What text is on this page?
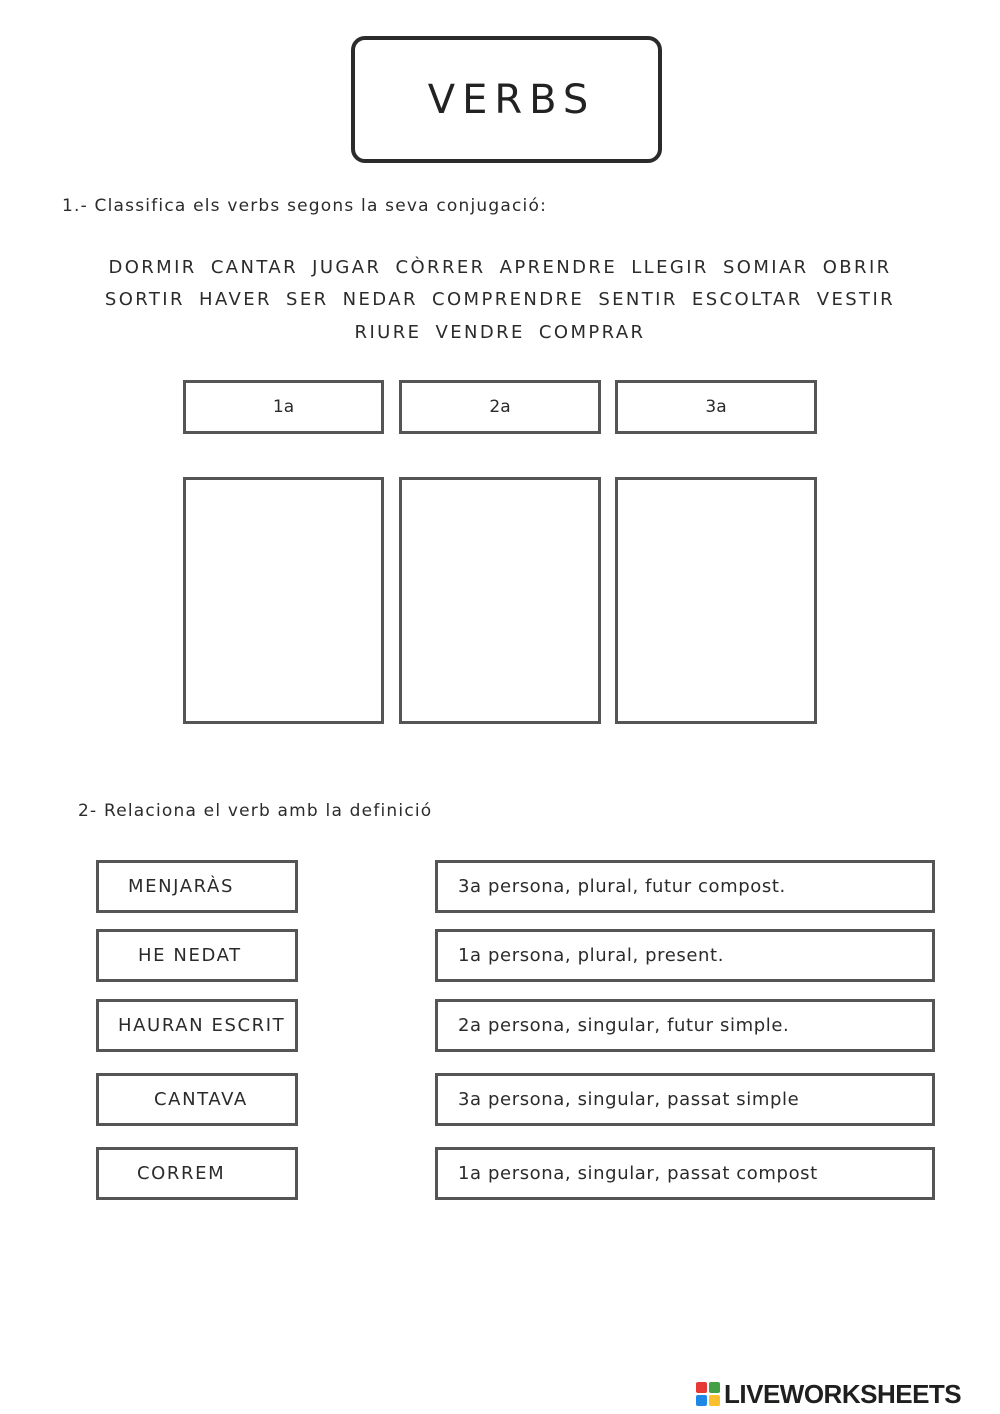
VERBS
1.- Classifica els verbs segons la seva conjugació:
DORMIR CANTAR JUGAR CÒRRER APRENDRE LLEGIR SOMIAR OBRIR
SORTIR HAVER SER NEDAR COMPRENDRE SENTIR ESCOLTAR VESTIR
RIURE VENDRE COMPRAR
1a	2a	3a
2- Relaciona el verb amb la definició
MENJARÀS
HE NEDAT
HAURAN ESCRIT
CANTAVA
CORREM
3a persona, plural, futur compost.
1a persona, plural, present.
2a persona, singular, futur simple.
3a persona, singular, passat simple
1a persona, singular, passat compost
LIVEWORKSHEETS
